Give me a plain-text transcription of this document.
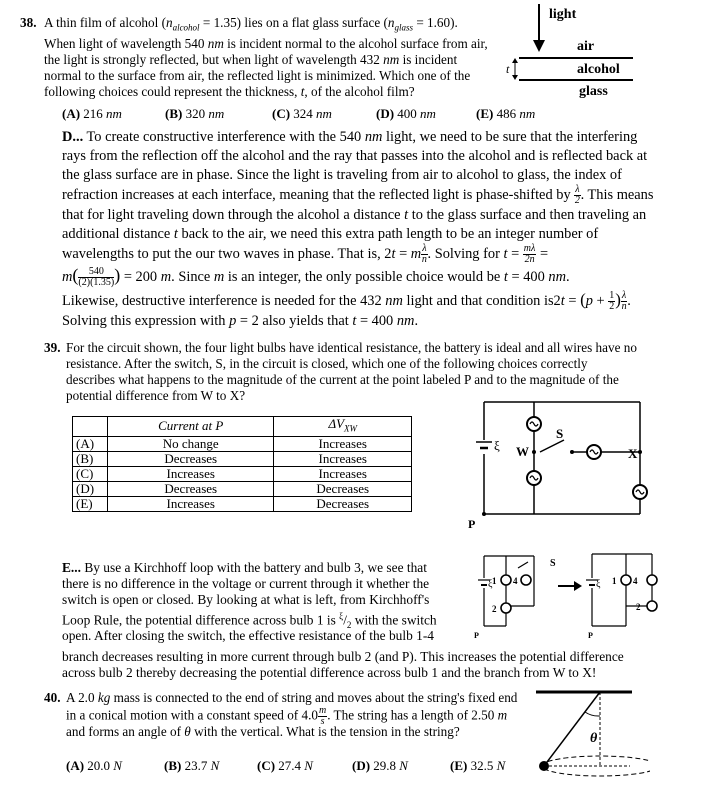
38. A thin film of alcohol $(n_{alcohol} = 1.35)$ lies on a flat glass surface $(n_{glass} = 1.60)$.
When light of wavelength 540 nm is incident normal to the alcohol surface from air,
the light is strongly reflected, but when light of wavelength 432 nm is incident
normal to the surface from air, the reflected light is minimized. Which one of the
following choices could represent the thickness, t, of the alcohol film?
light
air
alcohol
glass
t
(A) 216 nm	(B) 320 nm	(C) 324 nm	(D) 400 nm	(E) 486 nm
D... To create constructive interference with the 540 nm light, we need to be sure that the interfering
rays from the reflection off the alcohol and the ray that passes into the alcohol and is reflected back at
the glass surface are in phase. Since the light is traveling from air to alcohol to glass, the index of
refraction increases at each interface, meaning that the reflected light is phase-shifted by $\frac{\lambda}{2}$ . This means
that for light traveling down through the alcohol a distance t to the glass surface and then traveling an
additional distance t back to the air, we need this extra path length to be an integer number of
wavelengths to put the our two waves in phase. That is, 2t = m $\frac{\lambda}{n}$ . Solving for $t = \frac{m\lambda}{2n}$ =
$m( \frac{540}{(2)(1.35)}$ ) = 200 m. Since m is an integer, the only possible choice would be t = 400 nm.
Likewise, destructive interference is needed for the 432 nm light and that condition $is2t = (p + \frac{1}{2}$ ) $\frac{\lambda}{n}$ .
Solving this expression with p = 2 also yields that t = 400 nm.
39. For the circuit shown, the four light bulbs have identical resistance, the battery is ideal and all wires have no
resistance. After the switch, S, in the circuit is closed, which one of the following choices correctly
describes what happens to the magnitude of the current at the point labeled P and to the magnitude of the
potential difference from W to X?
	Current at P	$\Delta V_{XW}$
(A)	No change	Increases
(B)	Decreases	Increases
(C)	Increases	Increases
(D)	Decreases	Decreases
(E)	Increases	Decreases
ξ W
S
X
P
E... By use a Kirchhoff loop with the battery and bulb 3, we see that
there is no difference in the voltage or current through it whether the
switch is open or closed. By looking at what is left, from Kirchhoff's
Loop Rule, the potential difference across bulb 1 is $^\xi/_2$ with the switch
open. After closing the switch, the effective resistance of the bulb 1-4
branch decreases resulting in more current through bulb 2 (and P). This increases the potential difference
across bulb 2 thereby decreasing the potential difference across bulb 1 and the branch from W to X!
ξ 1 4
S
2
P
ξ 1 4
2
P
40. A 2.0 kg mass is connected to the end of string and moves about the string's fixed end
in a conical motion with a constant speed of $4.0 \frac{m}{s}$ . The string has a length of 2.50 m
and forms an angle of θ with the vertical. What is the tension in the string?
(A) 20.0 N	(B) 23.7 N	(C) 27.4 N	(D) 29.8 N	(E) 32.5 N
θ
